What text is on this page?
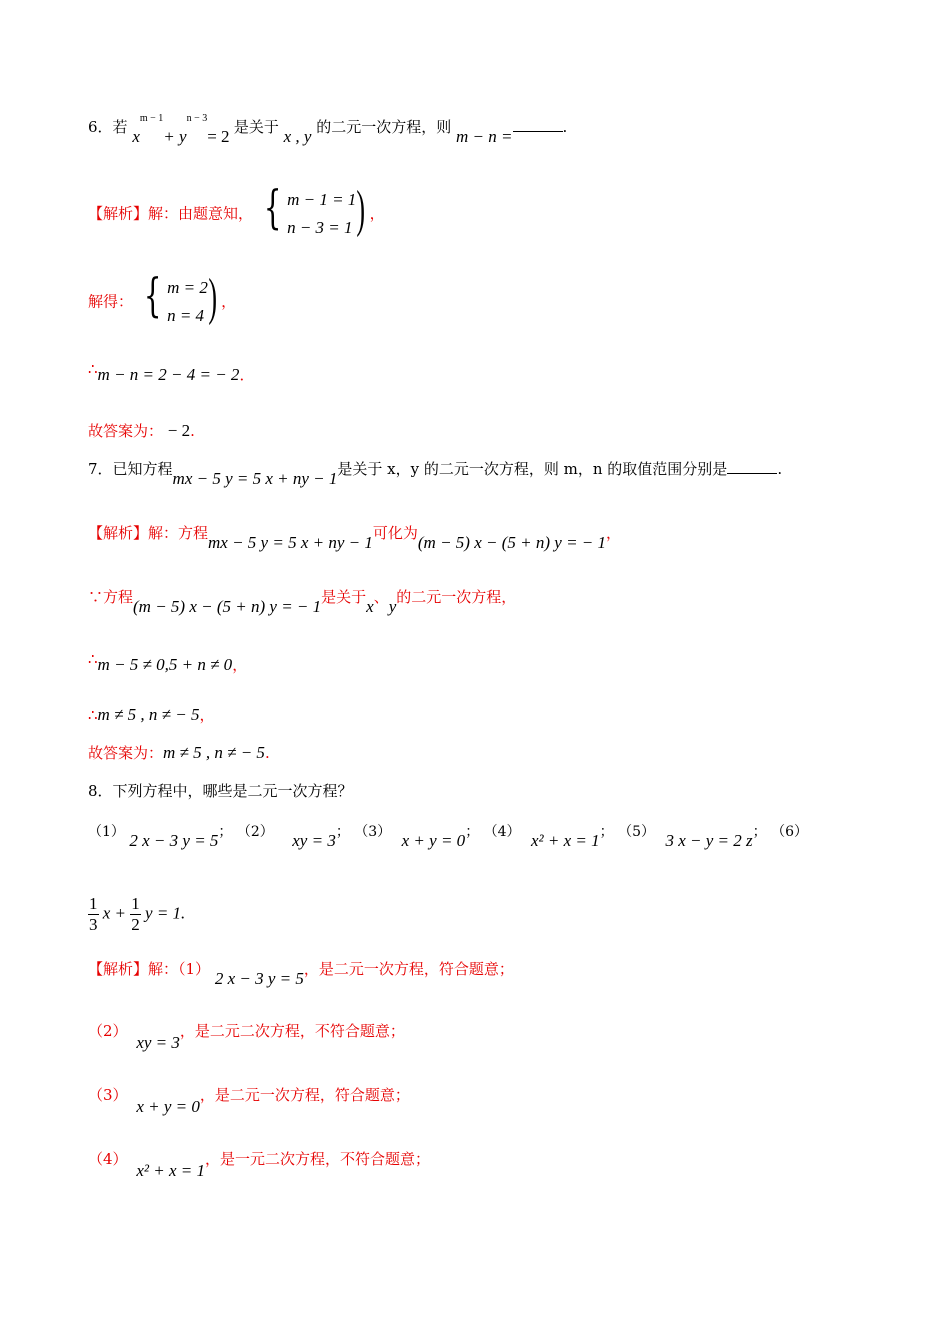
6．若 $x^{m - 1}+ y^{n - 3}= 2$ 是关于 x , y 的二元一次方程，则 m − n =	.
【解析】解：由题意知， { m − 1 = 1
n − 3 = 1 ) ，
解得： { m = 2
n = 4 ) ，
∴m − n = 2 − 4 = − 2．
故答案为： − 2.
7．已知方程mx − 5 y = 5 x + ny − 1是关于 x，y 的二元一次方程，则 m，n 的取值范围分别是	.
【解析】解：方程mx − 5 y = 5 x + ny − 1可化为(m − 5) x − (5 + n) y = − 1，
∵方程(m − 5) x − (5 + n) y = − 1是关于x、y的二元一次方程，
∴m − 5 ≠ 0,5 + n ≠ 0，
∴m ≠ 5 , n ≠ − 5，
故答案为：m ≠ 5 , n ≠ − 5.
8．下列方程中，哪些是二元一次方程？
（1） 2 x − 3 y = 5； （2） xy = 3； （3） x + y = 0； （4） x² + x = 1； （5） 3 x − y = 2 z； （6）
$\frac{1}{3}$ $x + \frac{1}{2}$ y = 1.
【解析】解：（1） 2 x − 3 y = 5，是二元一次方程，符合题意；
（2） xy = 3，是二元二次方程，不符合题意；
（3） x + y = 0，是二元一次方程，符合题意；
（4） x² + x = 1，是一元二次方程，不符合题意；
